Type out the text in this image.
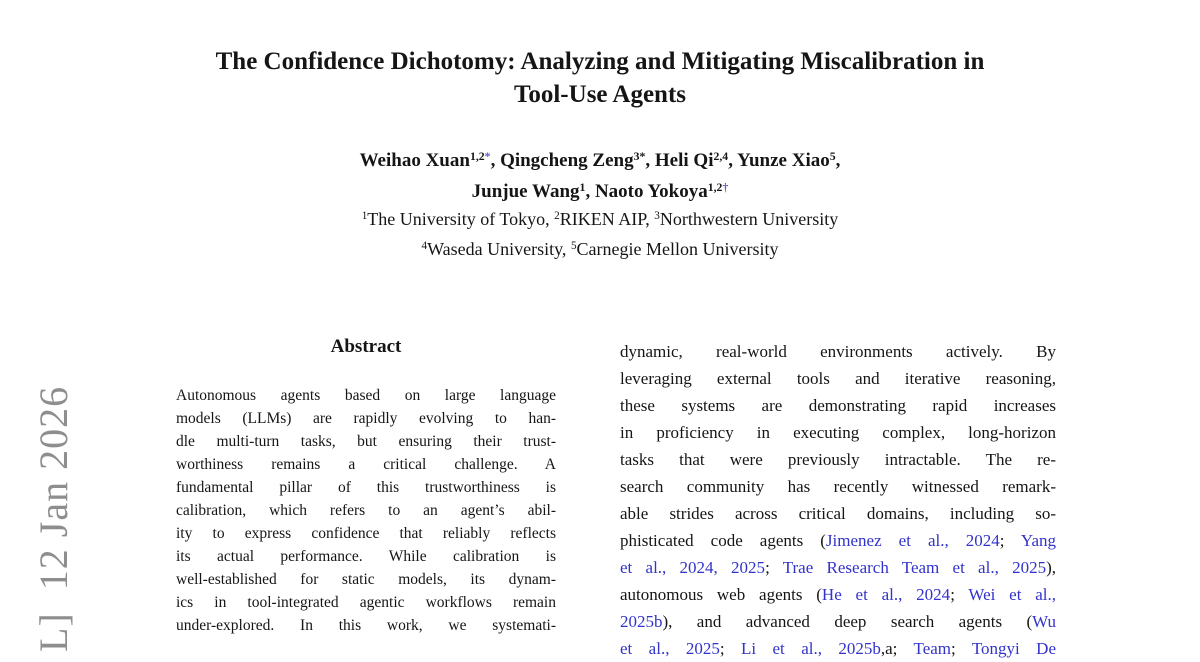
L]  12 Jan 2026
The Confidence Dichotomy: Analyzing and Mitigating Miscalibration in
Tool-Use Agents
Weihao Xuan$^{1,2*}$, Qingcheng Zeng$^{3*}$, Heli Qi$^{2,4}$, Yunze Xiao$^5$,
Junjue Wang$^1$, Naoto Yokoya$^{1,2\dagger}$
$^1$The University of Tokyo, $^2$RIKEN AIP, $^3$Northwestern University
$^4$Waseda University, $^5$Carnegie Mellon University
Abstract
Autonomous agents based on large language
models (LLMs) are rapidly evolving to han-
dle multi-turn tasks, but ensuring their trust-
worthiness remains a critical challenge. A
fundamental pillar of this trustworthiness is
calibration, which refers to an agent’s abil-
ity to express confidence that reliably reflects
its actual performance. While calibration is
well-established for static models, its dynam-
ics in tool-integrated agentic workflows remain
under-explored. In this work, we systemati-
dynamic, real-world environments actively. By
leveraging external tools and iterative reasoning,
these systems are demonstrating rapid increases
in proficiency in executing complex, long-horizon
tasks that were previously intractable. The re-
search community has recently witnessed remark-
able strides across critical domains, including so-
phisticated code agents (Jimenez et al., 2024; Yang
et al., 2024, 2025; Trae Research Team et al., 2025),
autonomous web agents (He et al., 2024; Wei et al.,
2025b), and advanced deep search agents (Wu
et al., 2025; Li et al., 2025b,a; Team; Tongyi De
